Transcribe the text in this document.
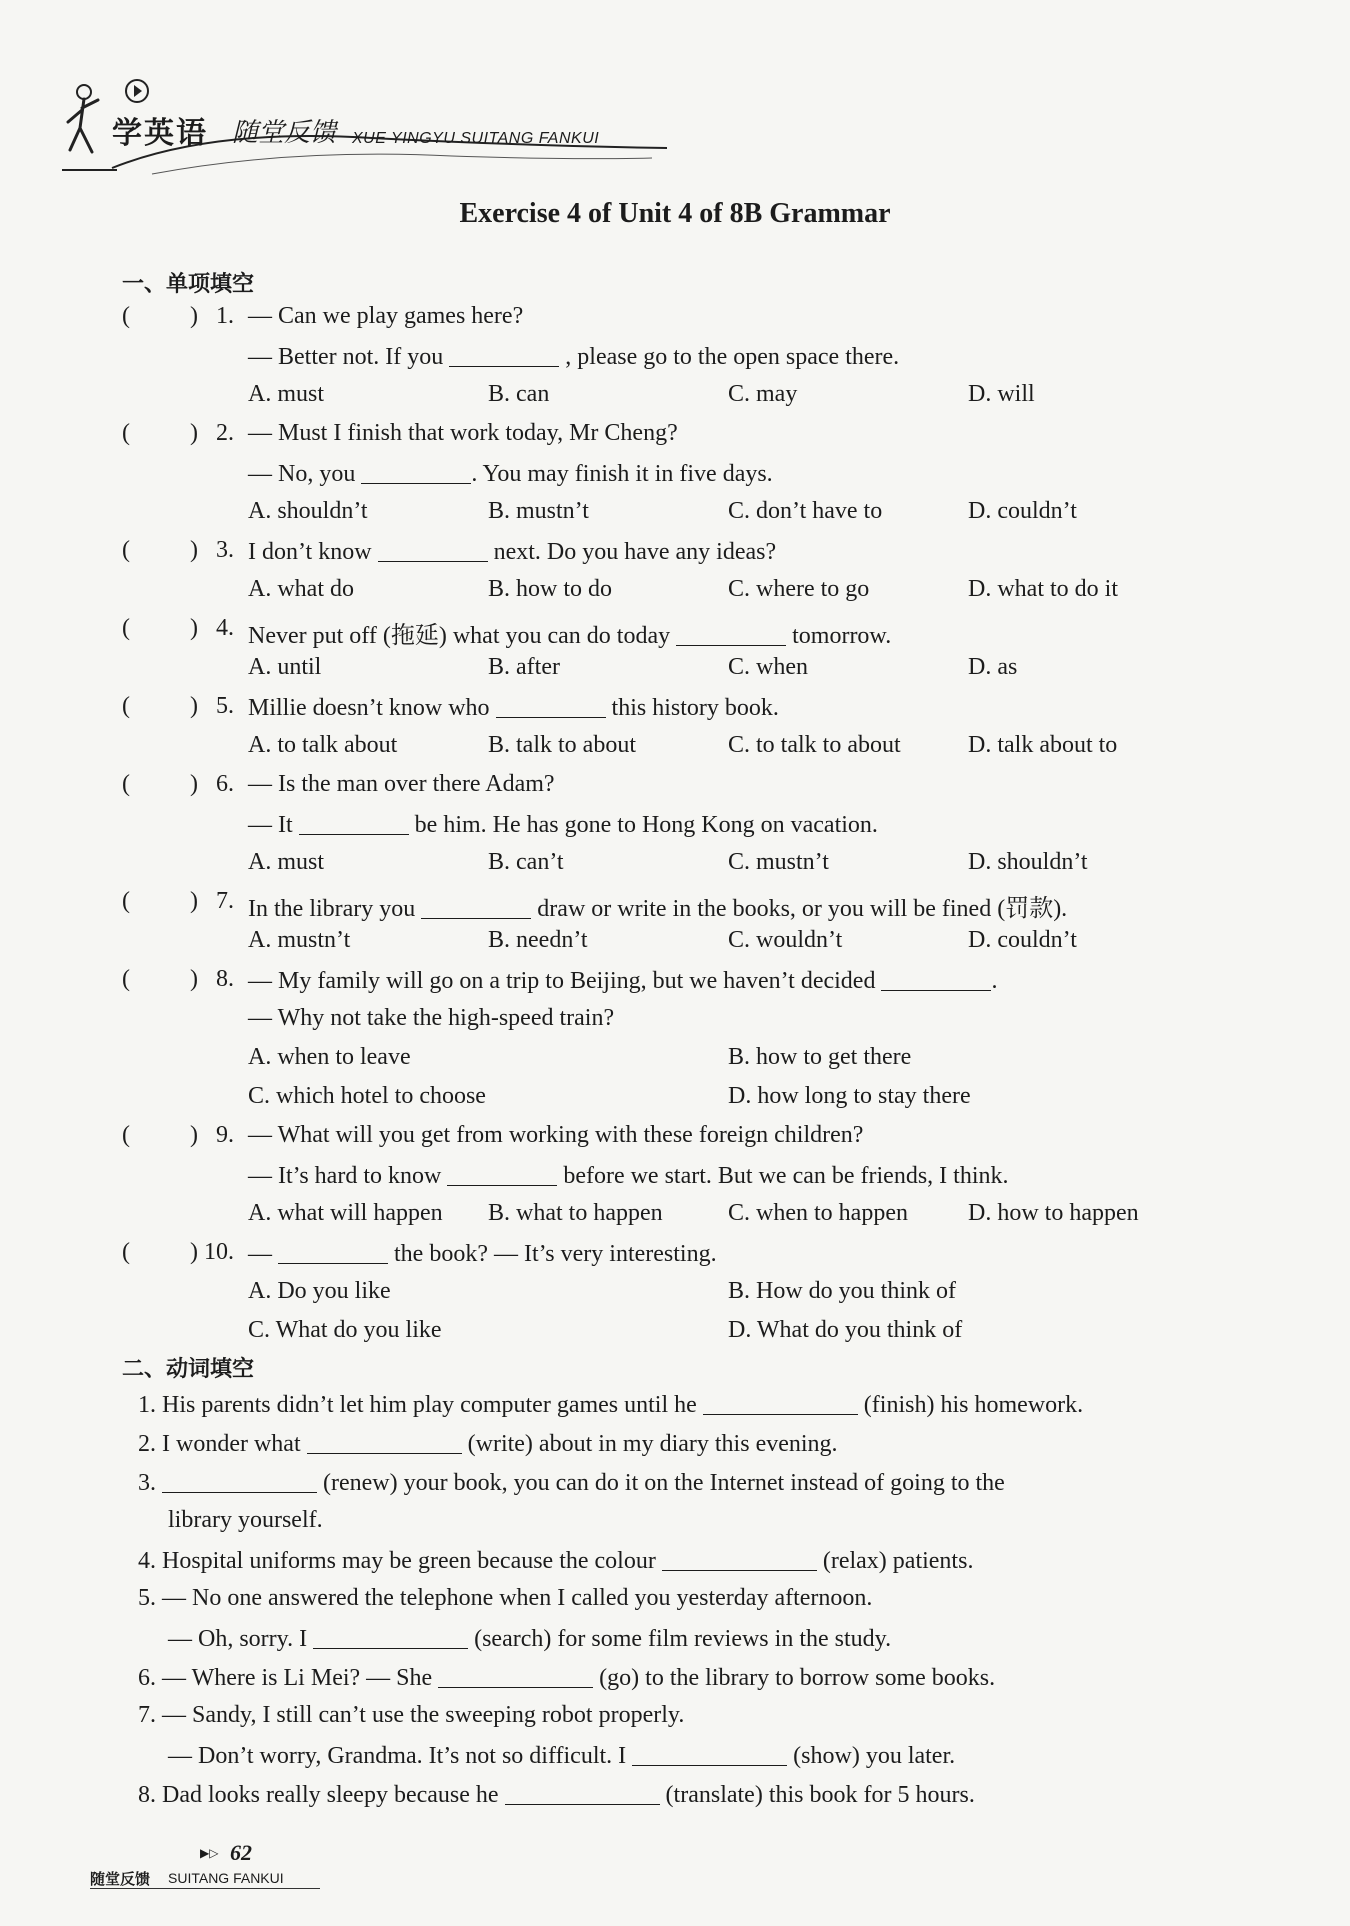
学英语 随堂反馈 XUE YINGYU SUITANG FANKUI
Exercise 4 of Unit 4 of 8B Grammar
一、单项填空
(	) 1. — Can we play games here?
— Better not. If you	, please go to the open space there.
A. must	B. can	C. may	D. will
(	) 2. — Must I finish that work today, Mr Cheng?
— No, you	. You may finish it in five days.
A. shouldn’t	B. mustn’t	C. don’t have to	D. couldn’t
(	) 3. I don’t know	next. Do you have any ideas?
A. what do	B. how to do	C. where to go	D. what to do it
(	) 4. Never put off (拖延) what you can do today	tomorrow.
A. until	B. after	C. when	D. as
(	) 5. Millie doesn’t know who	this history book.
A. to talk about	B. talk to about	C. to talk to about	D. talk about to
(	) 6. — Is the man over there Adam?
— It	be him. He has gone to Hong Kong on vacation.
A. must	B. can’t	C. mustn’t	D. shouldn’t
(	) 7. In the library you	draw or write in the books, or you will be fined (罚款).
A. mustn’t	B. needn’t	C. wouldn’t	D. couldn’t
(	) 8. — My family will go on a trip to Beijing, but we haven’t decided	.
— Why not take the high-speed train?
A. when to leave	B. how to get there
C. which hotel to choose	D. how long to stay there
(	) 9. — What will you get from working with these foreign children?
— It’s hard to know	before we start. But we can be friends, I think.
A. what will happen B. what to happen	C. when to happen	D. how to happen
(	) 10. —	the book? — It’s very interesting.
A. Do you like	B. How do you think of
C. What do you like	D. What do you think of
二、动词填空
1. His parents didn’t let him play computer games until he	(finish) his homework.
2. I wonder what	(write) about in my diary this evening.
3.	(renew) your book, you can do it on the Internet instead of going to the
library yourself.
4. Hospital uniforms may be green because the colour	(relax) patients.
5. — No one answered the telephone when I called you yesterday afternoon.
— Oh, sorry. I	(search) for some film reviews in the study.
6. — Where is Li Mei? — She	(go) to the library to borrow some books.
7. — Sandy, I still can’t use the sweeping robot properly.
— Don’t worry, Grandma. It’s not so difficult. I	(show) you later.
8. Dad looks really sleepy because he	(translate) this book for 5 hours.
▶▷ 62
随堂反馈 SUITANG FANKUI
